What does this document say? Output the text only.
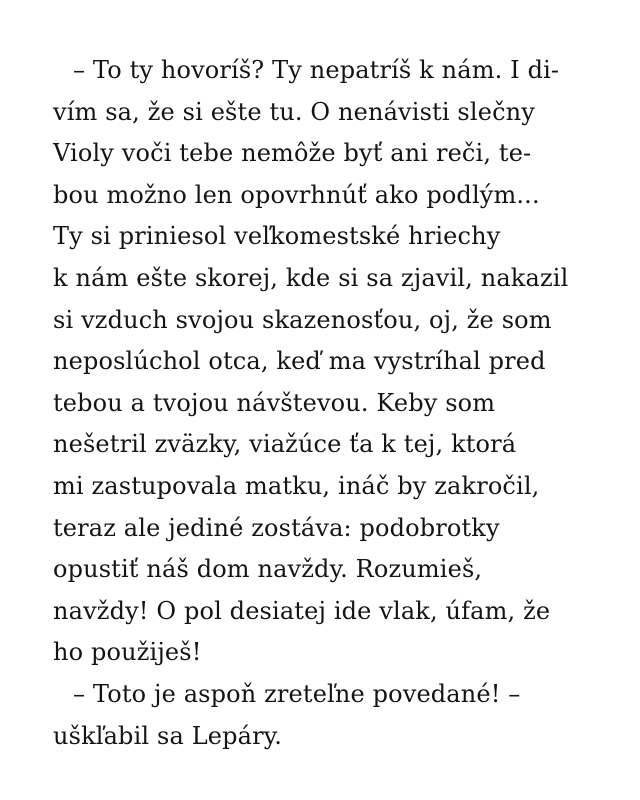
– To ty hovoríš? Ty nepatríš k nám. I di-
vím sa, že si ešte tu. O nenávisti slečny
Violy voči tebe nemôže byť ani reči, te-
bou možno len opovrhnúť ako podlým...
Ty si priniesol veľkomestské hriechy
k nám ešte skorej, kde si sa zjavil, nakazil
si vzduch svojou skazenosťou, oj, že som
neposlúchol otca, keď ma vystríhal pred
tebou a tvojou návštevou. Keby som
nešetril zväzky, viažúce ťa k tej, ktorá
mi zastupovala matku, ináč by zakročil,
teraz ale jediné zostáva: podobrotky
opustiť náš dom navždy. Rozumieš,
navždy! O pol desiatej ide vlak, úfam, že
ho použiješ!
– Toto je aspoň zreteľne povedané! –
uškľabil sa Lepáry.
